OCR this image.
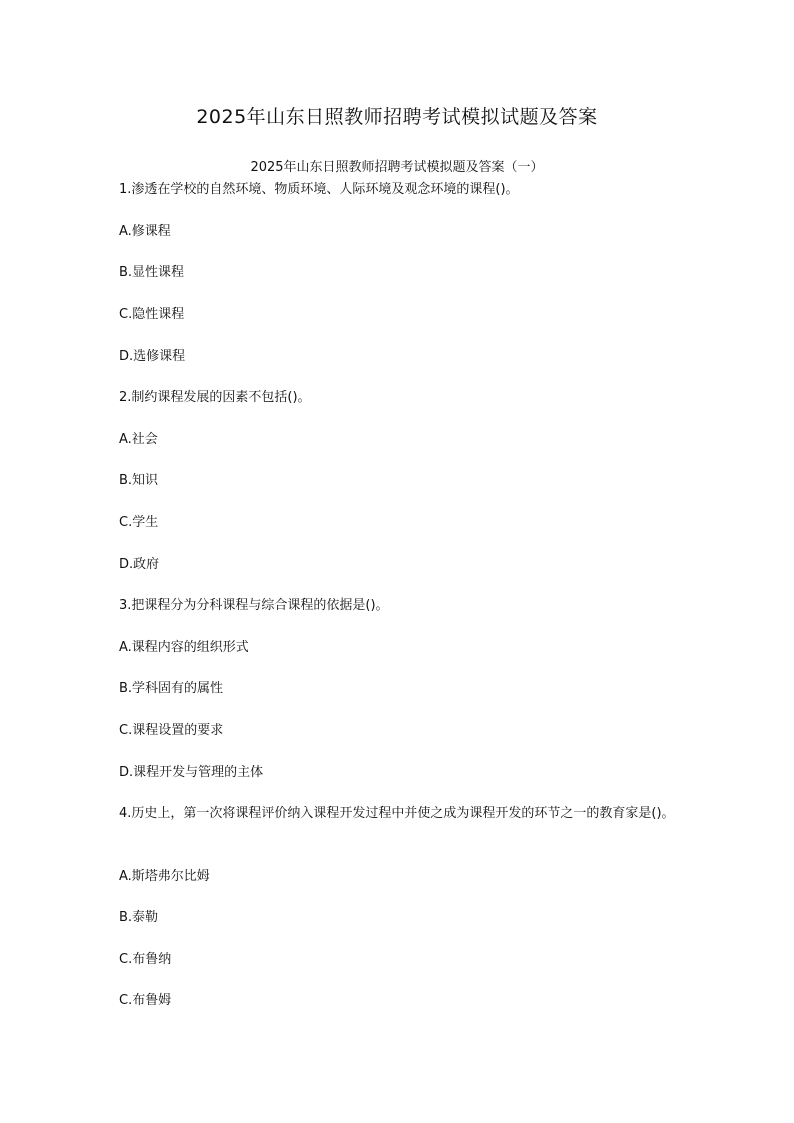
2025年山东日照教师招聘考试模拟试题及答案
2025年山东日照教师招聘考试模拟题及答案（一）
1.渗透在学校的自然环境、物质环境、人际环境及观念环境的课程()。
A.修课程
B.显性课程
C.隐性课程
D.选修课程
2.制约课程发展的因素不包括()。
A.社会
B.知识
C.学生
D.政府
3.把课程分为分科课程与综合课程的依据是()。
A.课程内容的组织形式
B.学科固有的属性
C.课程设置的要求
D.课程开发与管理的主体
4.历史上，第一次将课程评价纳入课程开发过程中并使之成为课程开发的环节之一的教育家是()。
A.斯塔弗尔比姆
B.泰勒
C.布鲁纳
C.布鲁姆
